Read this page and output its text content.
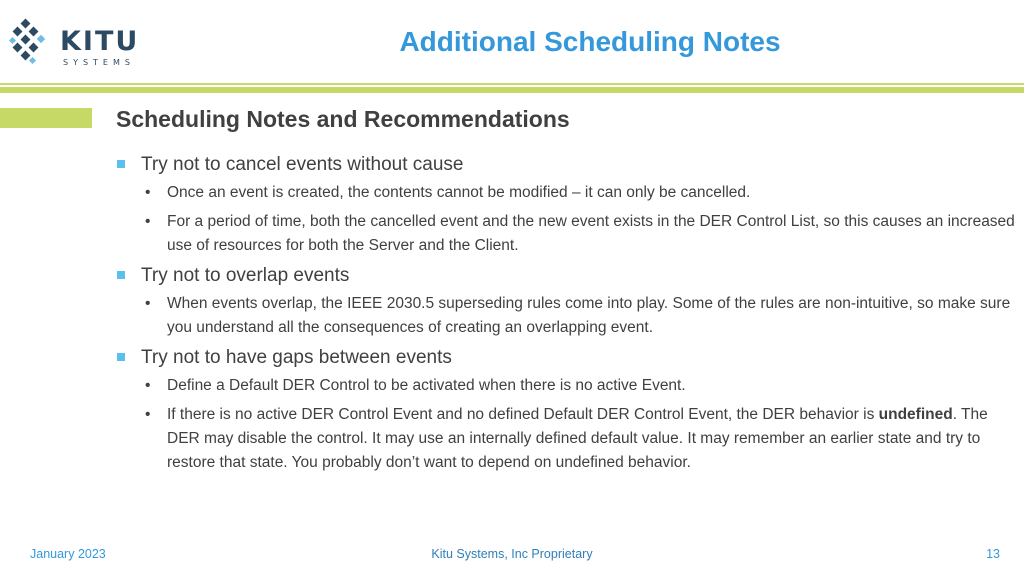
KITU
SYSTEMS
Additional Scheduling Notes
Scheduling Notes and Recommendations
Try not to cancel events without cause
• Once an event is created, the contents cannot be modified – it can only be cancelled.
• For a period of time, both the cancelled event and the new event exists in the DER Control List, so this causes an increased use of resources for both the Server and the Client.
Try not to overlap events
• When events overlap, the IEEE 2030.5 superseding rules come into play. Some of the rules are non-intuitive, so make sure you understand all the consequences of creating an overlapping event.
Try not to have gaps between events
• Define a Default DER Control to be activated when there is no active Event.
• If there is no active DER Control Event and no defined Default DER Control Event, the DER behavior is undefined. The DER may disable the control. It may use an internally defined default value. It may remember an earlier state and try to restore that state. You probably don’t want to depend on undefined behavior.
January 2023	Kitu Systems, Inc Proprietary	13
